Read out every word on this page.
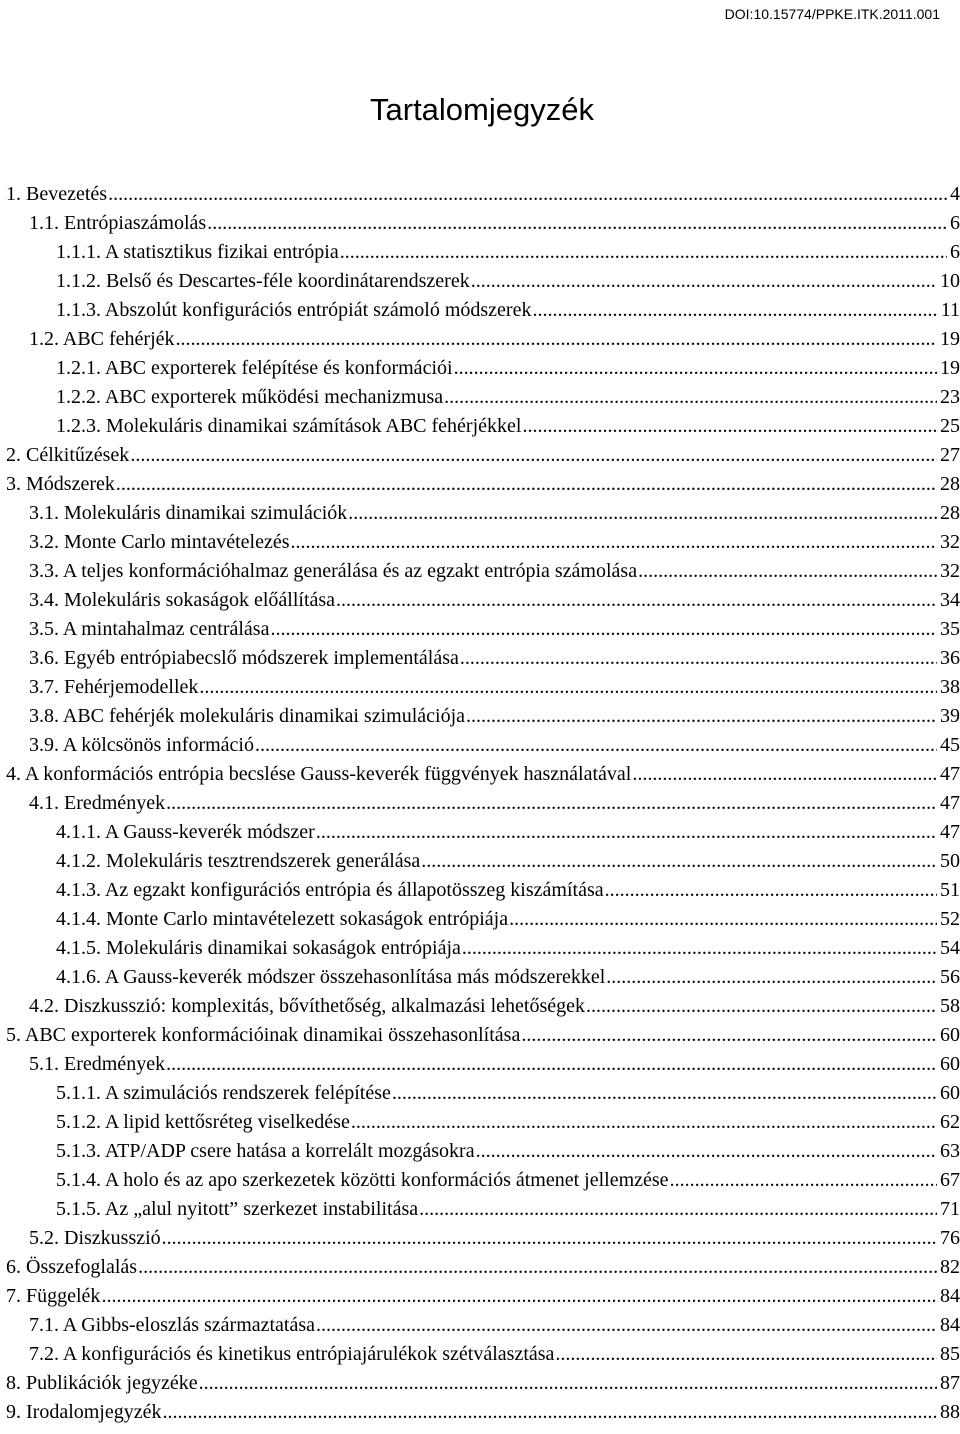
DOI:10.15774/PPKE.ITK.2011.001
Tartalomjegyzék
1. Bevezetés .....	4
1.1. Entrópiaszámolás .....	6
1.1.1. A statisztikus fizikai entrópia .....	6
1.1.2. Belső és Descartes-féle koordinátarendszerek .....	10
1.1.3. Abszolút konfigurációs entrópiát számoló módszerek .....	11
1.2. ABC fehérjék .....	19
1.2.1. ABC exporterek felépítése és konformációi .....	19
1.2.2. ABC exporterek működési mechanizmusa .....	23
1.2.3. Molekuláris dinamikai számítások ABC fehérjékkel .....	25
2. Célkitűzések .....	27
3. Módszerek .....	28
3.1. Molekuláris dinamikai szimulációk .....	28
3.2. Monte Carlo mintavételezés .....	32
3.3. A teljes konformációhalmaz generálása és az egzakt entrópia számolása .....	32
3.4. Molekuláris sokaságok előállítása .....	34
3.5. A mintahalmaz centrálása .....	35
3.6. Egyéb entrópiabecslő módszerek implementálása .....	36
3.7. Fehérjemodellek .....	38
3.8. ABC fehérjék molekuláris dinamikai szimulációja .....	39
3.9. A kölcsönös információ .....	45
4. A konformációs entrópia becslése Gauss-keverék függvények használatával .....	47
4.1. Eredmények .....	47
4.1.1. A Gauss-keverék módszer .....	47
4.1.2. Molekuláris tesztrendszerek generálása .....	50
4.1.3. Az egzakt konfigurációs entrópia és állapotösszeg kiszámítása .....	51
4.1.4. Monte Carlo mintavételezett sokaságok entrópiája .....	52
4.1.5. Molekuláris dinamikai sokaságok entrópiája .....	54
4.1.6. A Gauss-keverék módszer összehasonlítása más módszerekkel .....	56
4.2. Diszkusszió: komplexitás, bővíthetőség, alkalmazási lehetőségek .....	58
5. ABC exporterek konformációinak dinamikai összehasonlítása .....	60
5.1. Eredmények .....	60
5.1.1. A szimulációs rendszerek felépítése .....	60
5.1.2. A lipid kettősréteg viselkedése .....	62
5.1.3. ATP/ADP csere hatása a korrelált mozgásokra .....	63
5.1.4. A holo és az apo szerkezetek közötti konformációs átmenet jellemzése .....	67
5.1.5. Az „alul nyitott” szerkezet instabilitása .....	71
5.2. Diszkusszió .....	76
6. Összefoglalás .....	82
7. Függelék .....	84
7.1. A Gibbs-eloszlás származtatása .....	84
7.2. A konfigurációs és kinetikus entrópiajárulékok szétválasztása .....	85
8. Publikációk jegyzéke .....	87
9. Irodalomjegyzék .....	88
